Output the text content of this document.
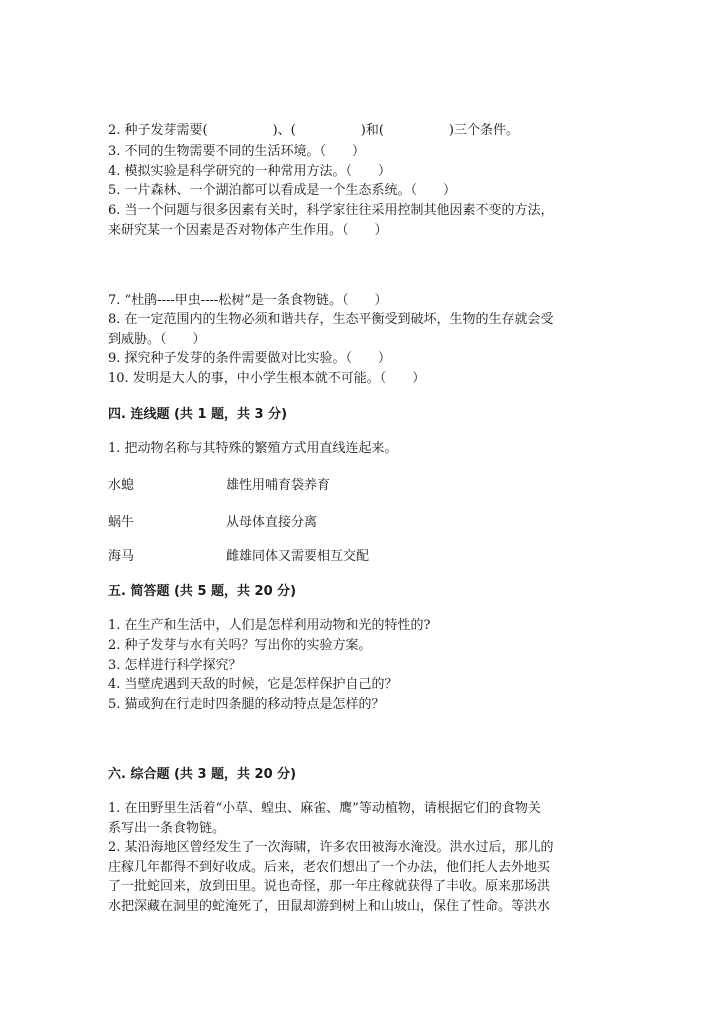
2. 种子发芽需要(　　　　　)、(　　　　　)和(　　　　　)三个条件。
3. 不同的生物需要不同的生活环境。（　　）
4. 模拟实验是科学研究的一种常用方法。（　　）
5. 一片森林、一个湖泊都可以看成是一个生态系统。（　　）
6. 当一个问题与很多因素有关时，科学家往往采用控制其他因素不变的方法，
来研究某一个因素是否对物体产生作用。（　　）
7. “杜鹃----甲虫----松树”是一条食物链。（　　）
8. 在一定范围内的生物必须和谐共存，生态平衡受到破坏，生物的生存就会受
到威胁。（　　）
9. 探究种子发芽的条件需要做对比实验。（　　）
10. 发明是大人的事，中小学生根本就不可能。（　　）
四. 连线题 (共 1 题，共 3 分)
1. 把动物名称与其特殊的繁殖方式用直线连起来。
水螅	雄性用哺育袋养育
蜗牛	从母体直接分离
海马	雌雄同体又需要相互交配
五. 简答题 (共 5 题，共 20 分)
1. 在生产和生活中，人们是怎样利用动物和光的特性的?
2. 种子发芽与水有关吗？写出你的实验方案。
3. 怎样进行科学探究？
4. 当壁虎遇到天敌的时候，它是怎样保护自己的？
5. 猫或狗在行走时四条腿的移动特点是怎样的？
六. 综合题 (共 3 题，共 20 分)
1. 在田野里生活着“小草、蝗虫、麻雀、鹰”等动植物，请根据它们的食物关
系写出一条食物链。
2. 某沿海地区曾经发生了一次海啸，许多农田被海水淹没。洪水过后，那儿的
庄稼几年都得不到好收成。后来，老农们想出了一个办法，他们托人去外地买
了一批蛇回来，放到田里。说也奇怪，那一年庄稼就获得了丰收。原来那场洪
水把深藏在洞里的蛇淹死了，田鼠却游到树上和山坡山，保住了性命。等洪水
